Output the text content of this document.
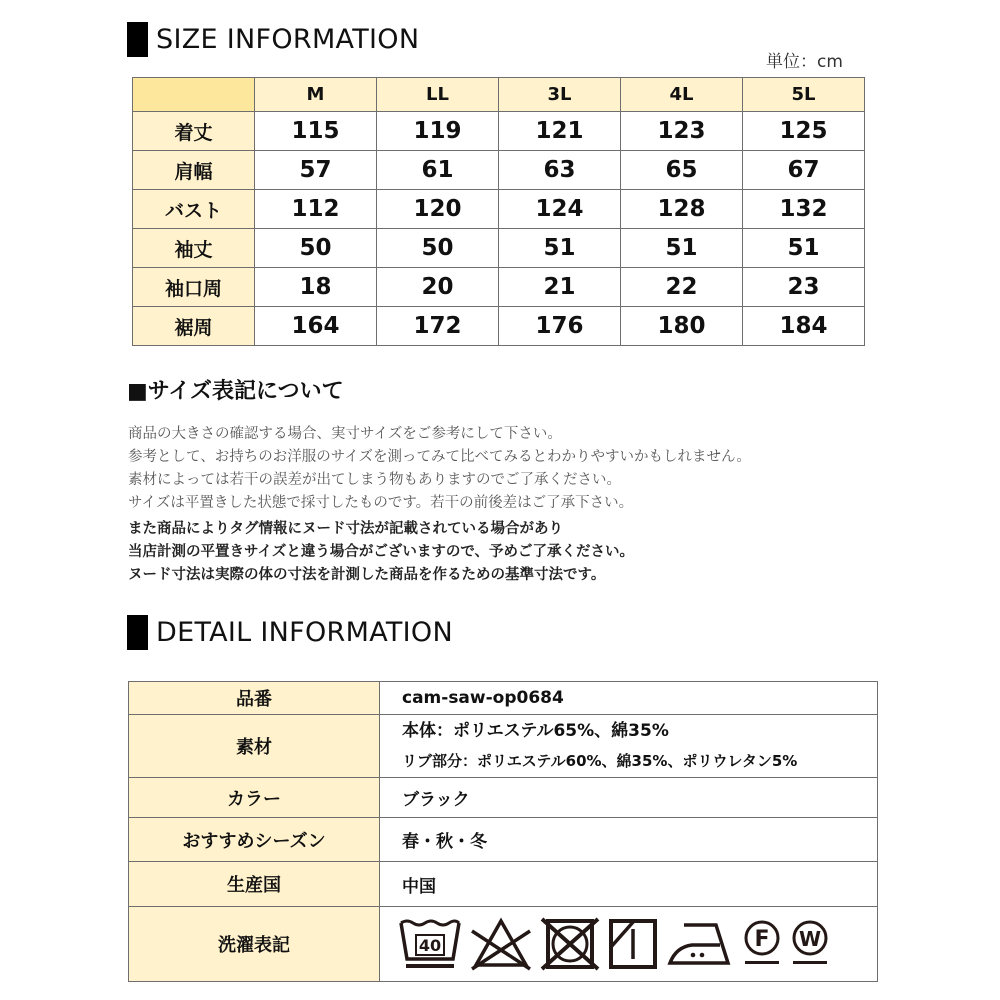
SIZE INFORMATION
単位：cm
	M	LL	3L	4L	5L
着丈	115	119	121	123	125
肩幅	57	61	63	65	67
バスト	112	120	124	128	132
袖丈	50	50	51	51	51
袖口周	18	20	21	22	23
裾周	164	172	176	180	184
■サイズ表記について
商品の大きさの確認する場合、実寸サイズをご参考にして下さい。
参考として、お持ちのお洋服のサイズを測ってみて比べてみるとわかりやすいかもしれません。
素材によっては若干の誤差が出てしまう物もありますのでご了承ください。
サイズは平置きした状態で採寸したものです。若干の前後差はご了承下さい。
また商品によりタグ情報にヌード寸法が記載されている場合があり
当店計測の平置きサイズと違う場合がございますので、予めご了承ください。
ヌード寸法は実際の体の寸法を計測した商品を作るための基準寸法です。
DETAIL INFORMATION
品番	cam-saw-op0684
素材	本体：ポリエステル65%、綿35%
リブ部分：ポリエステル60%、綿35%、ポリウレタン5%

カラー	ブラック
おすすめシーズン	春・秋・冬
生産国	中国
洗濯表記	40 F W
